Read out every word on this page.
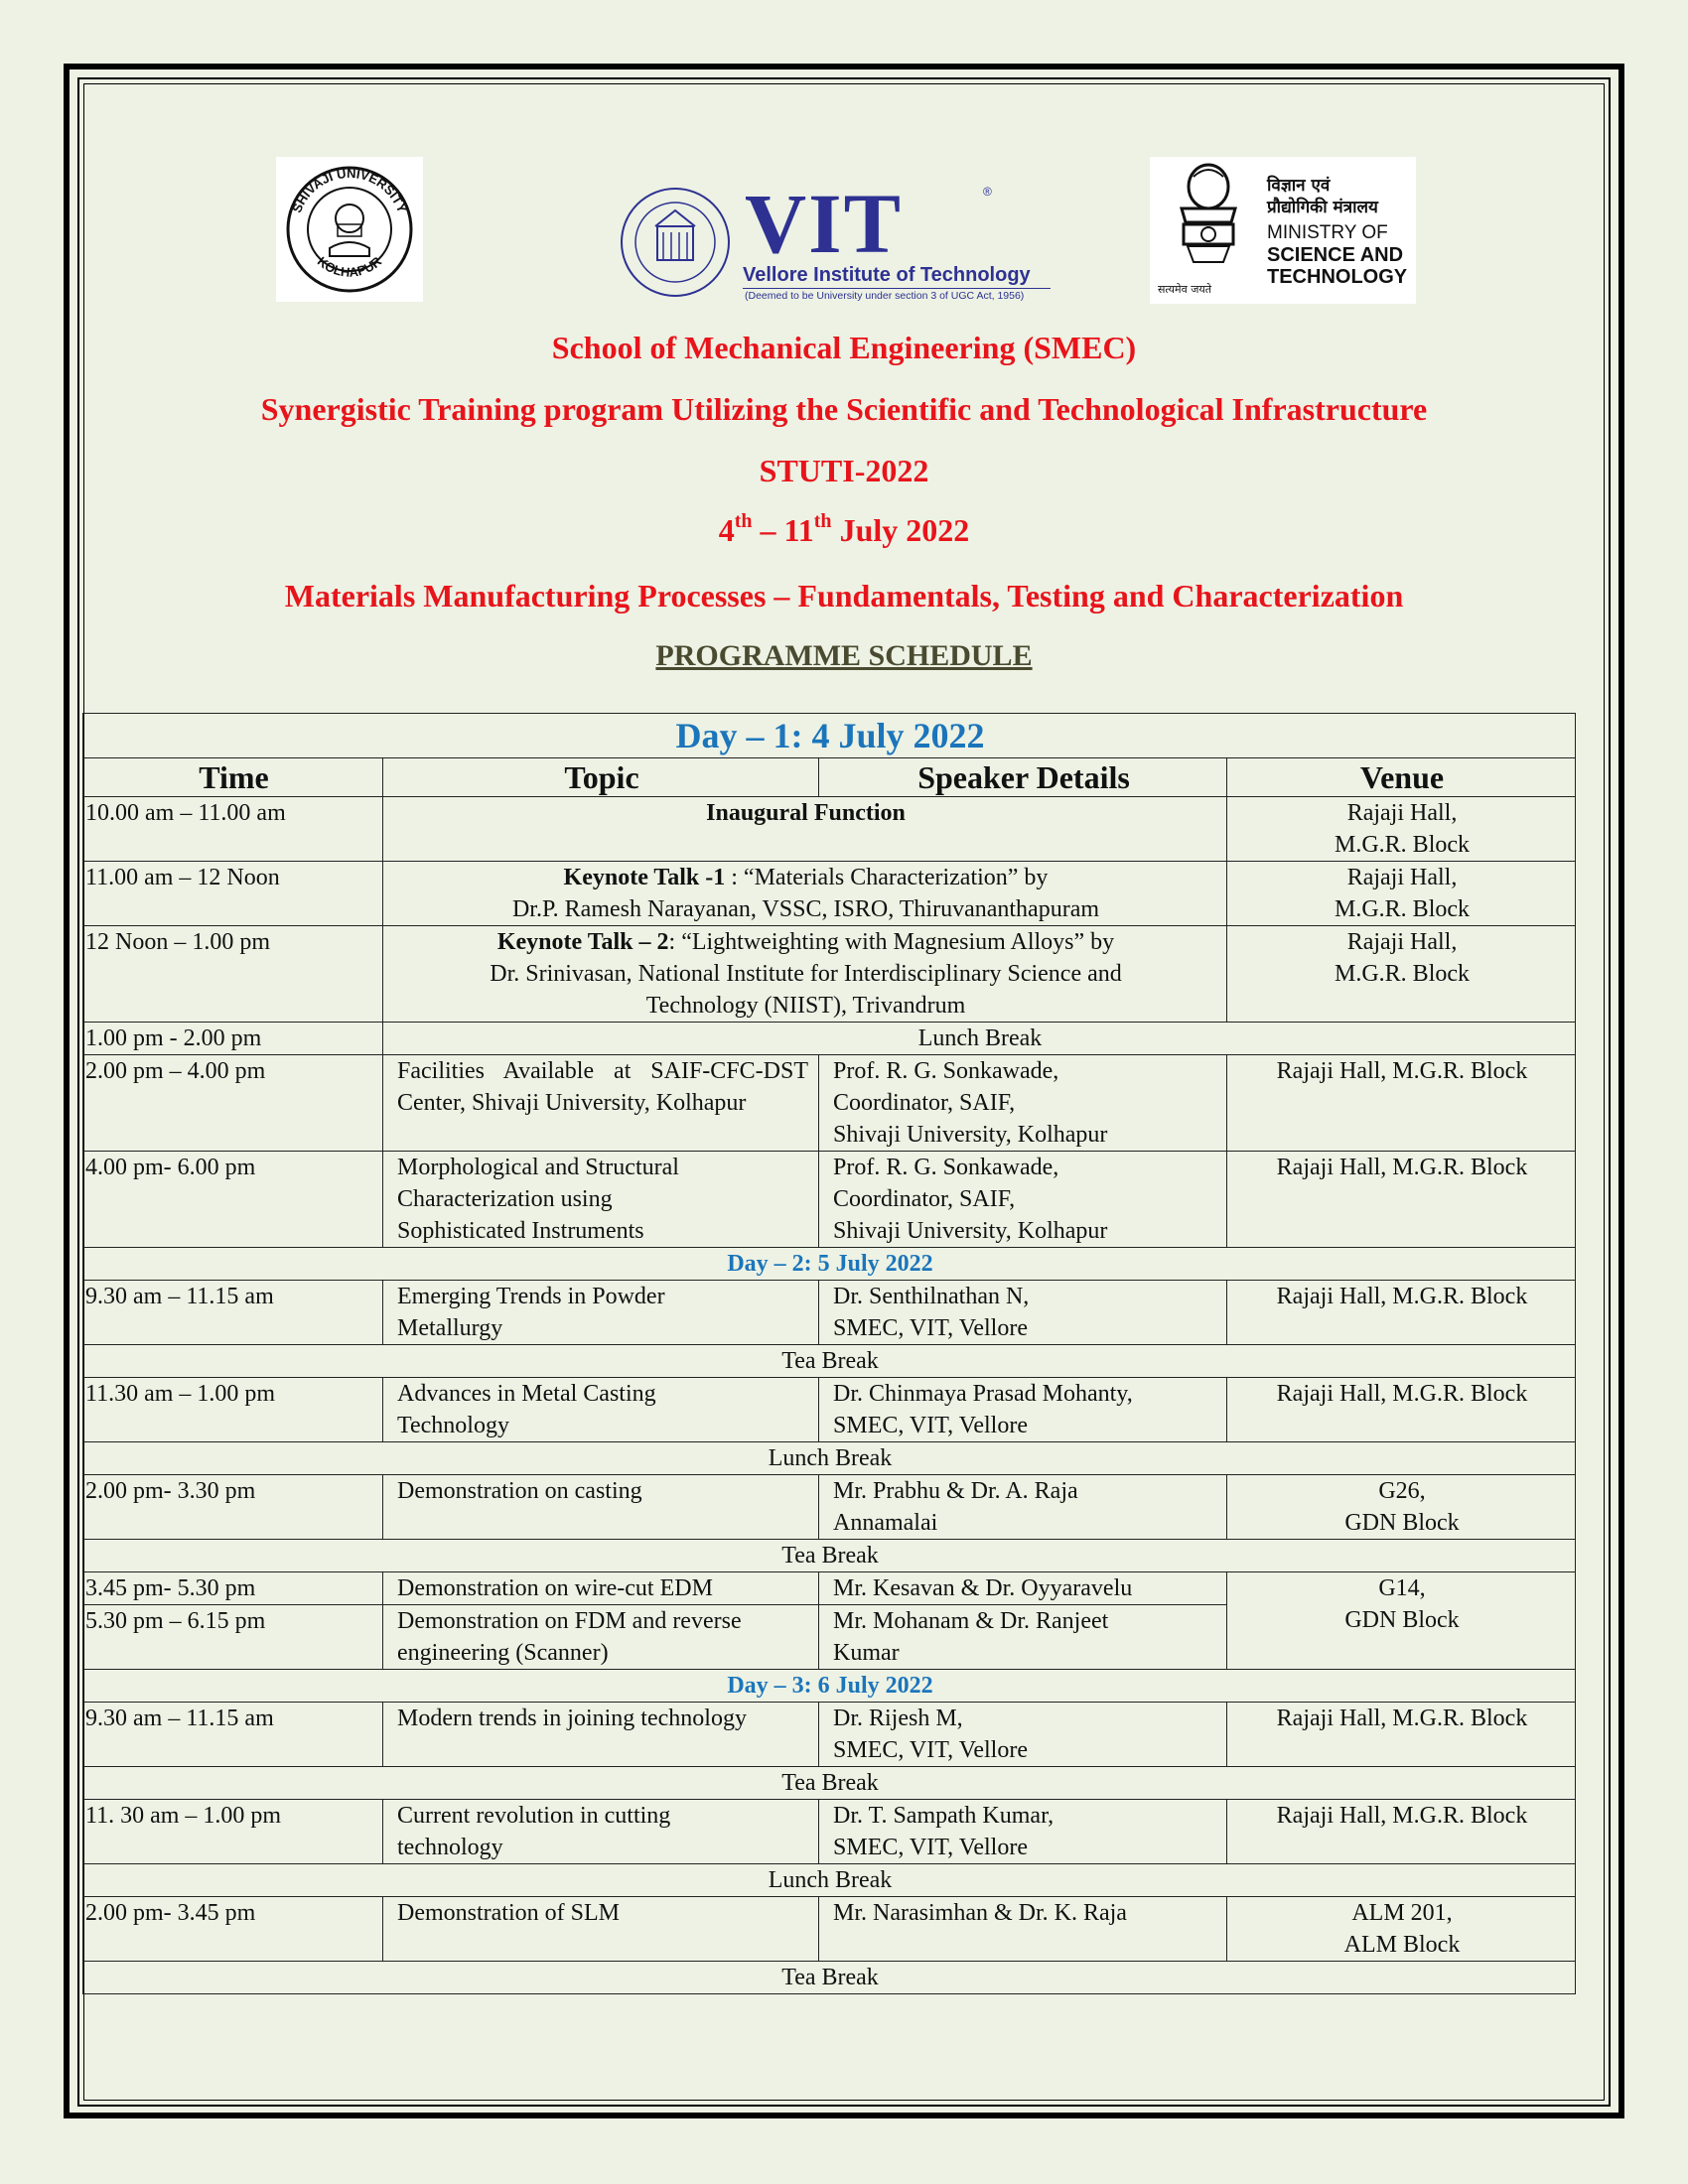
SHIVAJI UNIVERSITY
KOLHAPUR	VIT	®
Vellore Institute of Technology
(Deemed to be University under section 3 of UGC Act, 1956)
विज्ञान एवं
प्रौद्योगिकी मंत्रालय
MINISTRY OF
SCIENCE AND
TECHNOLOGY
सत्यमेव जयते
School of Mechanical Engineering (SMEC)
Synergistic Training program Utilizing the Scientific and Technological Infrastructure
STUTI-2022
4th – 11th July 2022
Materials Manufacturing Processes – Fundamentals, Testing and Characterization
PROGRAMME SCHEDULE
Day – 1: 4 July 2022			
Time	Topic	Speaker Details	Venue
10.00 am – 11.00 am	Inaugural Function		Rajaji Hall,
M.G.R. Block
11.00 am – 12 Noon	Keynote Talk -1 : “Materials Characterization” by
Dr.P. Ramesh Narayanan, VSSC, ISRO, Thiruvananthapuram		Rajaji Hall,
M.G.R. Block
12 Noon – 1.00 pm	Keynote Talk – 2: “Lightweighting with Magnesium Alloys” by
Dr. Srinivasan, National Institute for Interdisciplinary Science and
Technology (NIIST), Trivandrum		Rajaji Hall,
M.G.R. Block
1.00 pm - 2.00 pm	Lunch Break		
2.00 pm – 4.00 pm	Facilities Available at SAIF-CFC-DST Center, Shivaji University, Kolhapur	Prof. R. G. Sonkawade,
Coordinator, SAIF,
Shivaji University, Kolhapur	Rajaji Hall, M.G.R. Block
4.00 pm- 6.00 pm	Morphological and Structural
Characterization using
Sophisticated Instruments	Prof. R. G. Sonkawade,
Coordinator, SAIF,
Shivaji University, Kolhapur	Rajaji Hall, M.G.R. Block
Day – 2: 5 July 2022			
9.30 am – 11.15 am	Emerging Trends in Powder
Metallurgy	Dr. Senthilnathan N,
SMEC, VIT, Vellore	Rajaji Hall, M.G.R. Block
Tea Break			
11.30 am – 1.00 pm	Advances in Metal Casting
Technology	Dr. Chinmaya Prasad Mohanty,
SMEC, VIT, Vellore	Rajaji Hall, M.G.R. Block
Lunch Break			
2.00 pm- 3.30 pm	Demonstration on casting	Mr. Prabhu & Dr. A. Raja
Annamalai	G26,
GDN Block
Tea Break			
3.45 pm- 5.30 pm	Demonstration on wire-cut EDM	Mr. Kesavan & Dr. Oyyaravelu	G14,
GDN Block
5.30 pm – 6.15 pm	Demonstration on FDM and reverse
engineering (Scanner)	Mr. Mohanam & Dr. Ranjeet
Kumar	
Day – 3: 6 July 2022			
9.30 am – 11.15 am	Modern trends in joining technology	Dr. Rijesh M,
SMEC, VIT, Vellore	Rajaji Hall, M.G.R. Block
Tea Break			
11. 30 am – 1.00 pm	Current revolution in cutting
technology	Dr. T. Sampath Kumar,
SMEC, VIT, Vellore	Rajaji Hall, M.G.R. Block
Lunch Break			
2.00 pm- 3.45 pm	Demonstration of SLM	Mr. Narasimhan & Dr. K. Raja	ALM 201,
ALM Block
Tea Break			
